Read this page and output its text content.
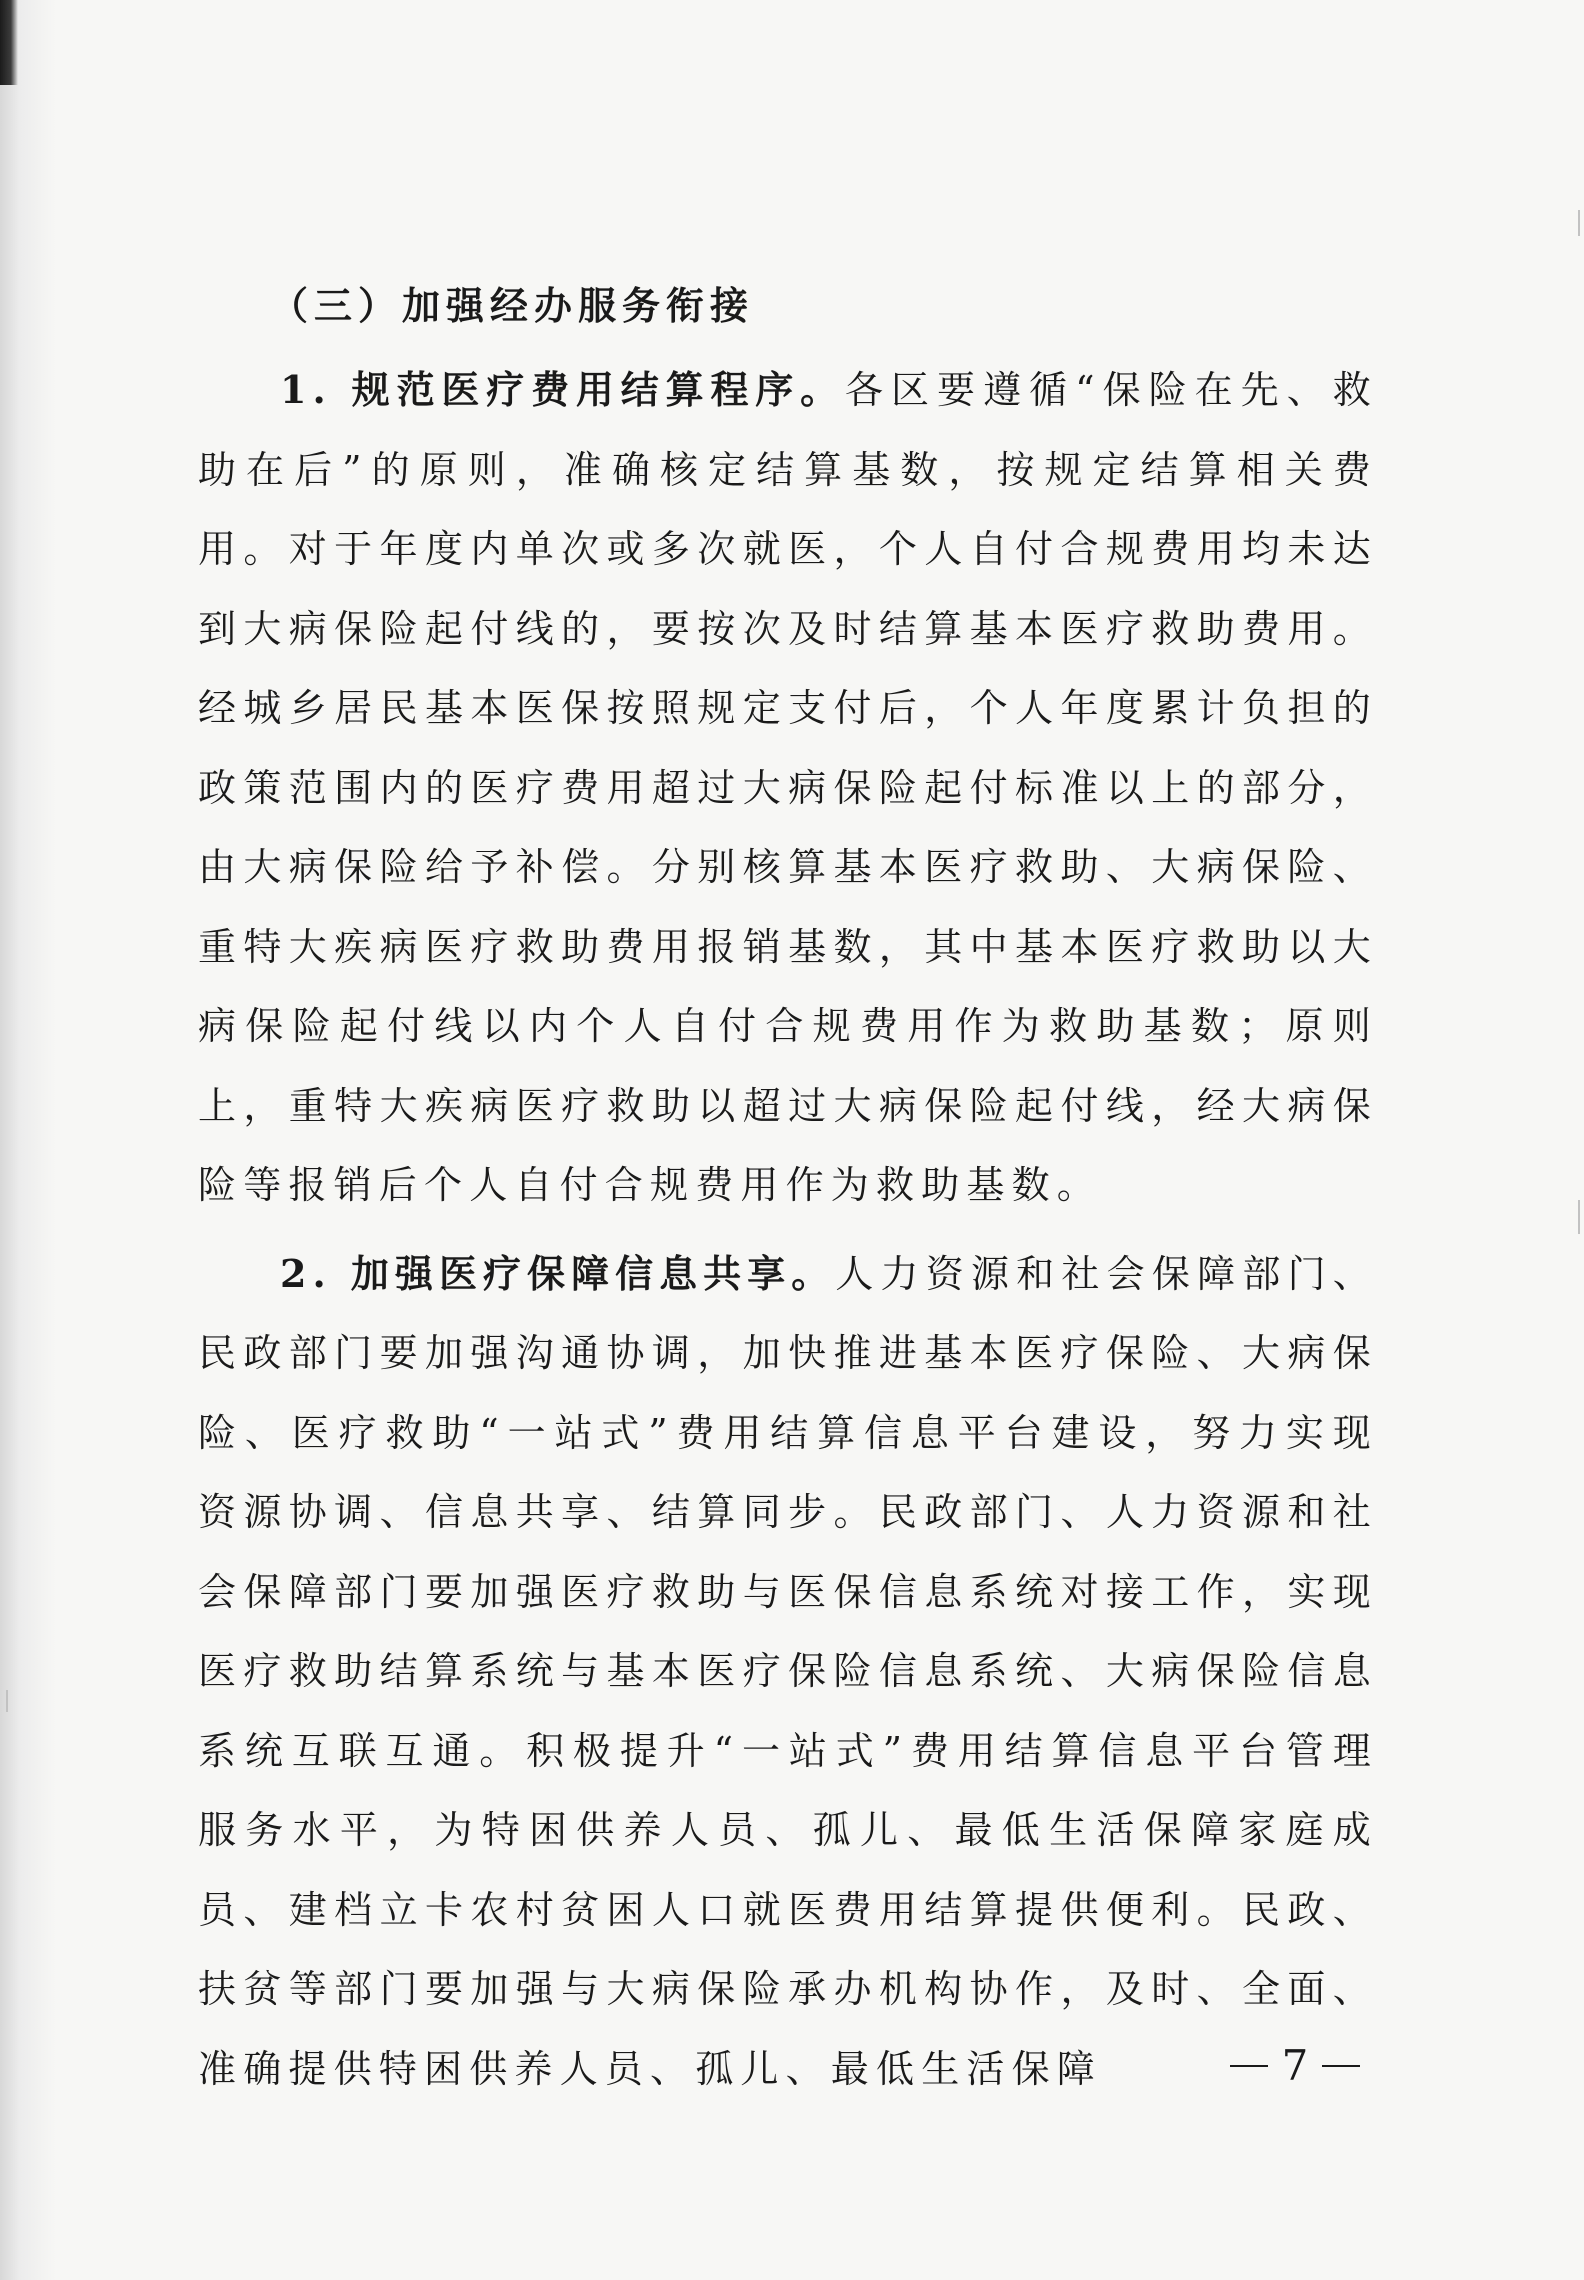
（三）加强经办服务衔接

1. 规范医疗费用结算程序。各区要遵循“保险在先、救助在后”的原则，准确核定结算基数，按规定结算相关费用。对于年度内单次或多次就医，个人自付合规费用均未达到大病保险起付线的，要按次及时结算基本医疗救助费用。经城乡居民基本医保按照规定支付后，个人年度累计负担的政策范围内的医疗费用超过大病保险起付标准以上的部分，由大病保险给予补偿。分别核算基本医疗救助、大病保险、重特大疾病医疗救助费用报销基数，其中基本医疗救助以大病保险起付线以内个人自付合规费用作为救助基数；原则上，重特大疾病医疗救助以超过大病保险起付线，经大病保险等报销后个人自付合规费用作为救助基数。

2. 加强医疗保障信息共享。人力资源和社会保障部门、民政部门要加强沟通协调，加快推进基本医疗保险、大病保险、医疗救助“一站式”费用结算信息平台建设，努力实现资源协调、信息共享、结算同步。民政部门、人力资源和社会保障部门要加强医疗救助与医保信息系统对接工作，实现医疗救助结算系统与基本医疗保险信息系统、大病保险信息系统互联互通。积极提升“一站式”费用结算信息平台管理服务水平，为特困供养人员、孤儿、最低生活保障家庭成员、建档立卡农村贫困人口就医费用结算提供便利。民政、扶贫等部门要加强与大病保险承办机构协作，及时、全面、准确提供特困供养人员、孤儿、最低生活保障	7
